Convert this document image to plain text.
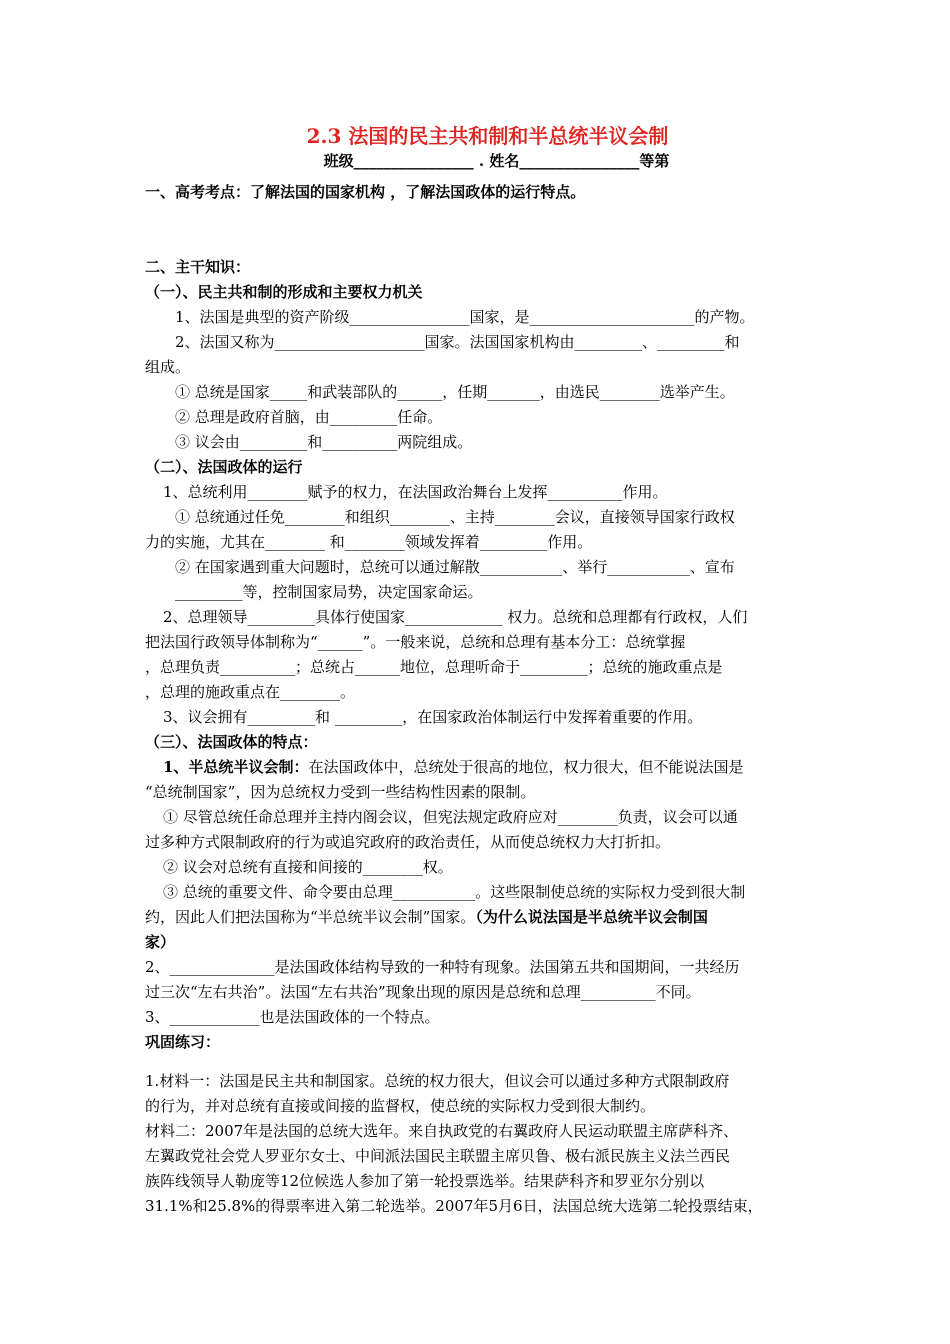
2.3 法国的民主共和制和半总统半议会制
班级________________ . 姓名________________等第
一、高考考点：了解法国的国家机构 ，了解法国政体的运行特点。
二、主干知识：
（一）、民主共和制的形成和主要权力机关
1、法国是典型的资产阶级________________国家，是______________________的产物。
2、法国又称为____________________国家。法国国家机构由_________、_________和
组成。
① 总统是国家_____和武装部队的______，任期_______，由选民________选举产生。
② 总理是政府首脑，由_________任命。
③ 议会由_________和__________两院组成。
（二）、法国政体的运行
1、总统利用________赋予的权力，在法国政治舞台上发挥__________作用。
① 总统通过任免________和组织________、主持________会议，直接领导国家行政权
力的实施，尤其在________ 和________领域发挥着_________作用。
② 在国家遇到重大问题时，总统可以通过解散___________、举行___________、宣布
_________等，控制国家局势，决定国家命运。
2、总理领导_________具体行使国家_____________ 权力。总统和总理都有行政权，人们
把法国行政领导体制称为“______”。一般来说，总统和总理有基本分工：总统掌握
，总理负责__________；总统占______地位，总理听命于_________；总统的施政重点是
，总理的施政重点在________。
3、议会拥有_________和 _________，在国家政治体制运行中发挥着重要的作用。
（三）、法国政体的特点：
1、半总统半议会制：在法国政体中，总统处于很高的地位，权力很大，但不能说法国是
“总统制国家”，因为总统权力受到一些结构性因素的限制。
① 尽管总统任命总理并主持内阁会议，但宪法规定政府应对________负责，议会可以通
过多种方式限制政府的行为或追究政府的政治责任，从而使总统权力大打折扣。
② 议会对总统有直接和间接的________权。
③ 总统的重要文件、命令要由总理___________。这些限制使总统的实际权力受到很大制
约，因此人们把法国称为“半总统半议会制”国家。（为什么说法国是半总统半议会制国
家）
2、______________是法国政体结构导致的一种特有现象。法国第五共和国期间，一共经历
过三次“左右共治”。法国“左右共治”现象出现的原因是总统和总理__________不同。
3、____________也是法国政体的一个特点。
巩固练习：
1.材料一：法国是民主共和制国家。总统的权力很大，但议会可以通过多种方式限制政府
的行为，并对总统有直接或间接的监督权，使总统的实际权力受到很大制约。
材料二：2007年是法国的总统大选年。来自执政党的右翼政府人民运动联盟主席萨科齐、
左翼政党社会党人罗亚尔女士、中间派法国民主联盟主席贝鲁、极右派民族主义法兰西民
族阵线领导人勒庞等12位候选人参加了第一轮投票选举。结果萨科齐和罗亚尔分别以
31.1%和25.8%的得票率进入第二轮选举。2007年5月6日，法国总统大选第二轮投票结束，
